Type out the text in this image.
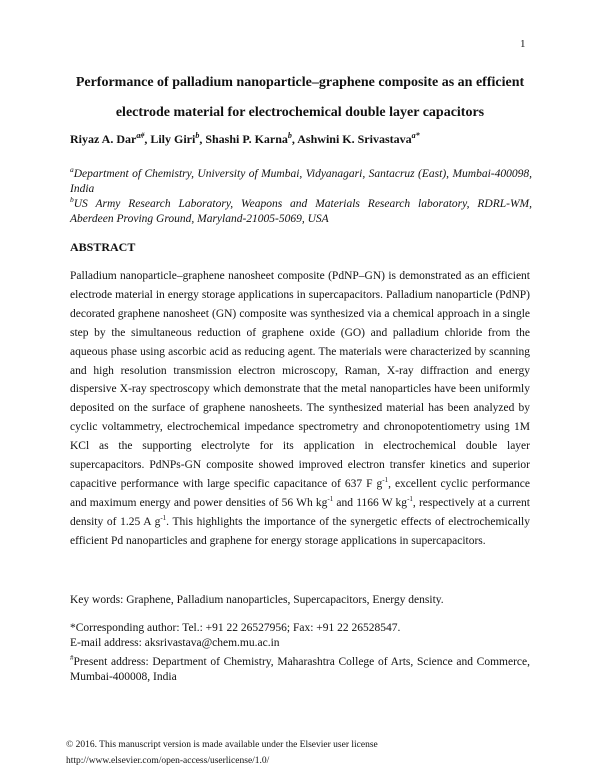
1
Performance of palladium nanoparticle–graphene composite as an efficient
electrode material for electrochemical double layer capacitors
Riyaz A. Dar$^{a\#}$, Lily Giri$^b$, Shashi P. Karna$^b$, Ashwini K. Srivastava$^{a*}$
$^a$Department of Chemistry, University of Mumbai, Vidyanagari, Santacruz (East), Mumbai-400098, India
$^b$US Army Research Laboratory, Weapons and Materials Research laboratory, RDRL-WM, Aberdeen Proving Ground, Maryland-21005-5069, USA
ABSTRACT
Palladium nanoparticle–graphene nanosheet composite (PdNP–GN) is demonstrated as an efficient electrode material in energy storage applications in supercapacitors. Palladium nanoparticle (PdNP) decorated graphene nanosheet (GN) composite was synthesized via a chemical approach in a single step by the simultaneous reduction of graphene oxide (GO) and palladium chloride from the aqueous phase using ascorbic acid as reducing agent. The materials were characterized by scanning and high resolution transmission electron microscopy, Raman, X-ray diffraction and energy dispersive X-ray spectroscopy which demonstrate that the metal nanoparticles have been uniformly deposited on the surface of graphene nanosheets. The synthesized material has been analyzed by cyclic voltammetry, electrochemical impedance spectrometry and chronopotentiometry using 1M KCl as the supporting electrolyte for its application in electrochemical double layer supercapacitors. PdNPs-GN composite showed improved electron transfer kinetics and superior capacitive performance with large specific capacitance of 637 F $g^{-1}$, excellent cyclic performance and maximum energy and power densities of 56 Wh $kg^{-1}$ and 1166 W $kg^{-1}$, respectively at a current density of 1.25 A $g^{-1}$. This highlights the importance of the synergetic effects of electrochemically efficient Pd nanoparticles and graphene for energy storage applications in supercapacitors.
Key words: Graphene, Palladium nanoparticles, Supercapacitors, Energy density.
*Corresponding author: Tel.: +91 22 26527956; Fax: +91 22 26528547.
E-mail address: aksrivastava@chem.mu.ac.in
#Present address: Department of Chemistry, Maharashtra College of Arts, Science and Commerce, Mumbai-400008, India
© 2016. This manuscript version is made available under the Elsevier user license
http://www.elsevier.com/open-access/userlicense/1.0/
